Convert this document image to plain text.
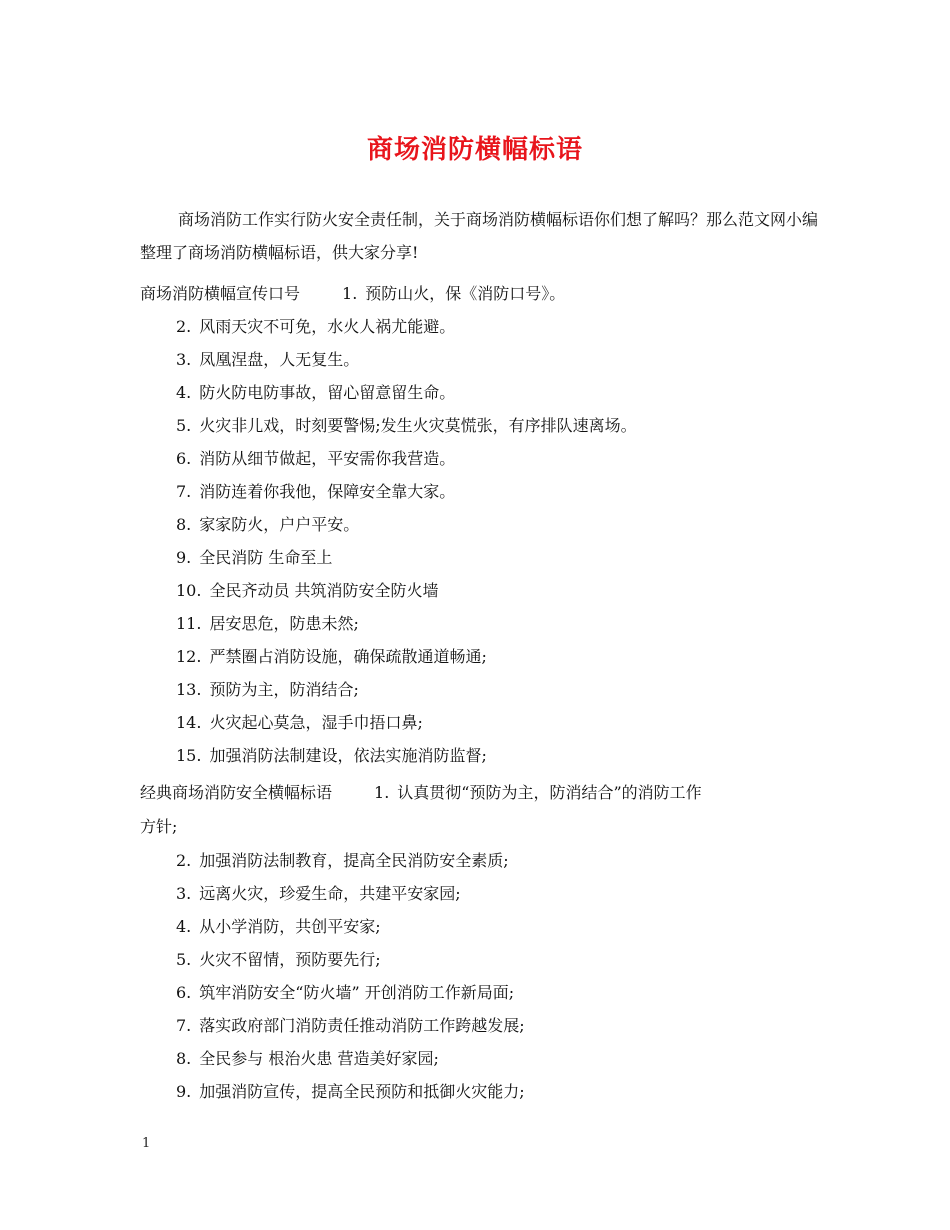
商场消防横幅标语

商场消防工作实行防火安全责任制，关于商场消防横幅标语你们想了解吗？那么范文网小编整理了商场消防横幅标语，供大家分享!

商场消防横幅宣传口号	1. 预防山火，保《消防口号》。
2. 风雨天灾不可免，水火人祸尤能避。
3. 凤凰涅盘，人无复生。
4. 防火防电防事故，留心留意留生命。
5. 火灾非儿戏，时刻要警惕;发生火灾莫慌张，有序排队速离场。
6. 消防从细节做起，平安需你我营造。
7. 消防连着你我他，保障安全靠大家。
8. 家家防火，户户平安。
9. 全民消防 生命至上
10. 全民齐动员 共筑消防安全防火墙
11. 居安思危，防患未然;
12. 严禁圈占消防设施，确保疏散通道畅通;
13. 预防为主，防消结合;
14. 火灾起心莫急，湿手巾捂口鼻;
15. 加强消防法制建设，依法实施消防监督;
经典商场消防安全横幅标语	1. 认真贯彻“预防为主，防消结合”的消防工作
方针;
2. 加强消防法制教育，提高全民消防安全素质;
3. 远离火灾，珍爱生命，共建平安家园;
4. 从小学消防，共创平安家;
5. 火灾不留情，预防要先行;
6. 筑牢消防安全“防火墙” 开创消防工作新局面;
7. 落实政府部门消防责任推动消防工作跨越发展;
8. 全民参与 根治火患 营造美好家园;
9. 加强消防宣传，提高全民预防和抵御火灾能力;
1
